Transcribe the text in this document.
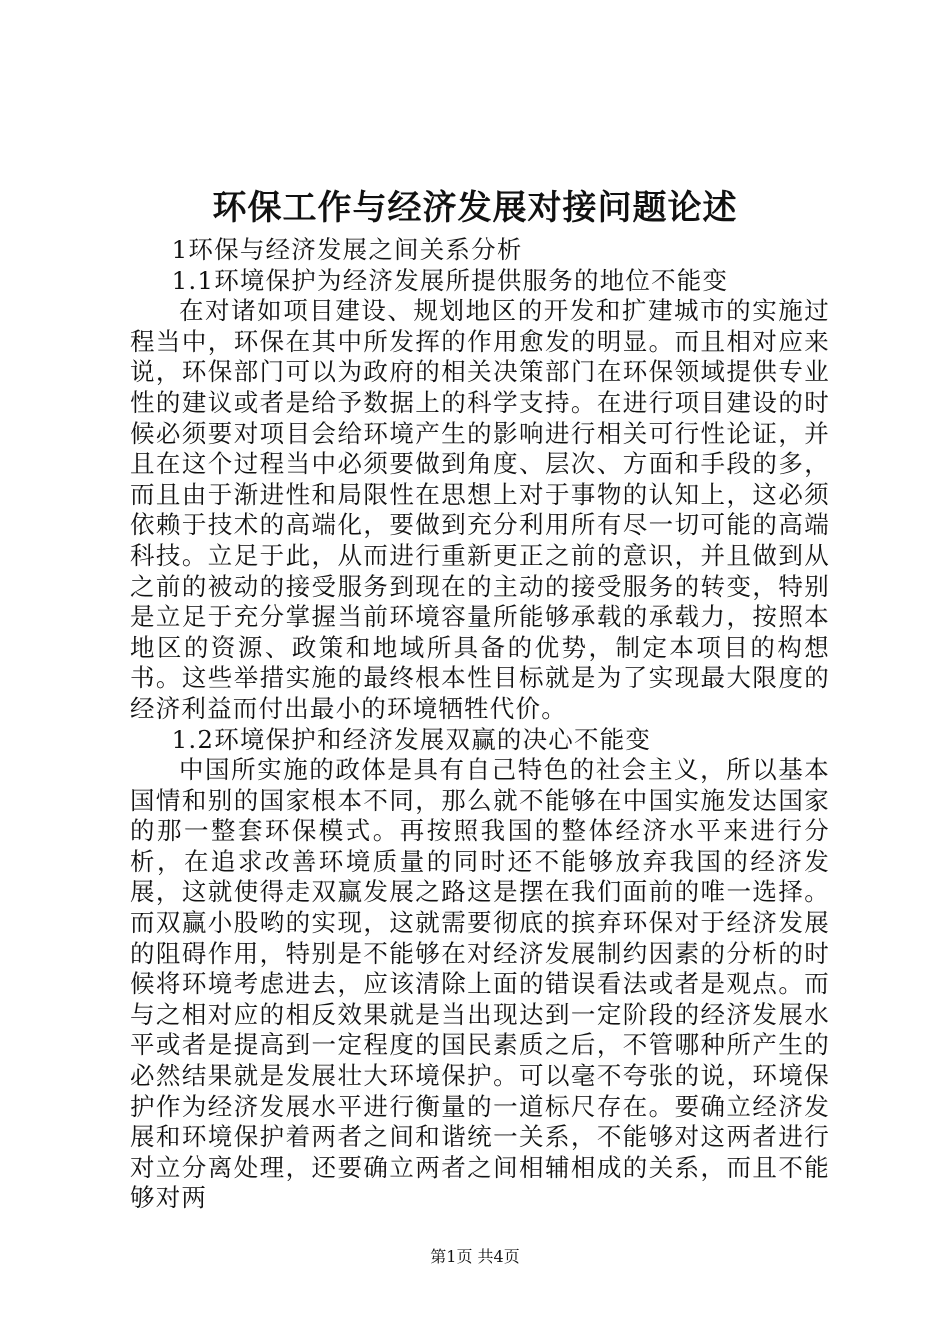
环保工作与经济发展对接问题论述

1环保与经济发展之间关系分析

1.1环境保护为经济发展所提供服务的地位不能变

在对诸如项目建设、规划地区的开发和扩建城市的实施过程当中，环保在其中所发挥的作用愈发的明显。而且相对应来说，环保部门可以为政府的相关决策部门在环保领域提供专业性的建议或者是给予数据上的科学支持。在进行项目建设的时候必须要对项目会给环境产生的影响进行相关可行性论证，并且在这个过程当中必须要做到角度、层次、方面和手段的多，而且由于渐进性和局限性在思想上对于事物的认知上，这必须依赖于技术的高端化，要做到充分利用所有尽一切可能的高端科技。立足于此，从而进行重新更正之前的意识，并且做到从之前的被动的接受服务到现在的主动的接受服务的转变，特别是立足于充分掌握当前环境容量所能够承载的承载力，按照本地区的资源、政策和地域所具备的优势，制定本项目的构想书。这些举措实施的最终根本性目标就是为了实现最大限度的经济利益而付出最小的环境牺牲代价。

1.2环境保护和经济发展双赢的决心不能变

中国所实施的政体是具有自己特色的社会主义，所以基本国情和别的国家根本不同，那么就不能够在中国实施发达国家的那一整套环保模式。再按照我国的整体经济水平来进行分析，在追求改善环境质量的同时还不能够放弃我国的经济发展，这就使得走双赢发展之路这是摆在我们面前的唯一选择。而双赢小股哟的实现，这就需要彻底的摈弃环保对于经济发展的阻碍作用，特别是不能够在对经济发展制约因素的分析的时候将环境考虑进去，应该清除上面的错误看法或者是观点。而与之相对应的相反效果就是当出现达到一定阶段的经济发展水平或者是提高到一定程度的国民素质之后，不管哪种所产生的必然结果就是发展壮大环境保护。可以毫不夸张的说，环境保护作为经济发展水平进行衡量的一道标尺存在。要确立经济发展和环境保护着两者之间和谐统一关系，不能够对这两者进行对立分离处理，还要确立两者之间相辅相成的关系，而且不能够对两

第1页 共4页
